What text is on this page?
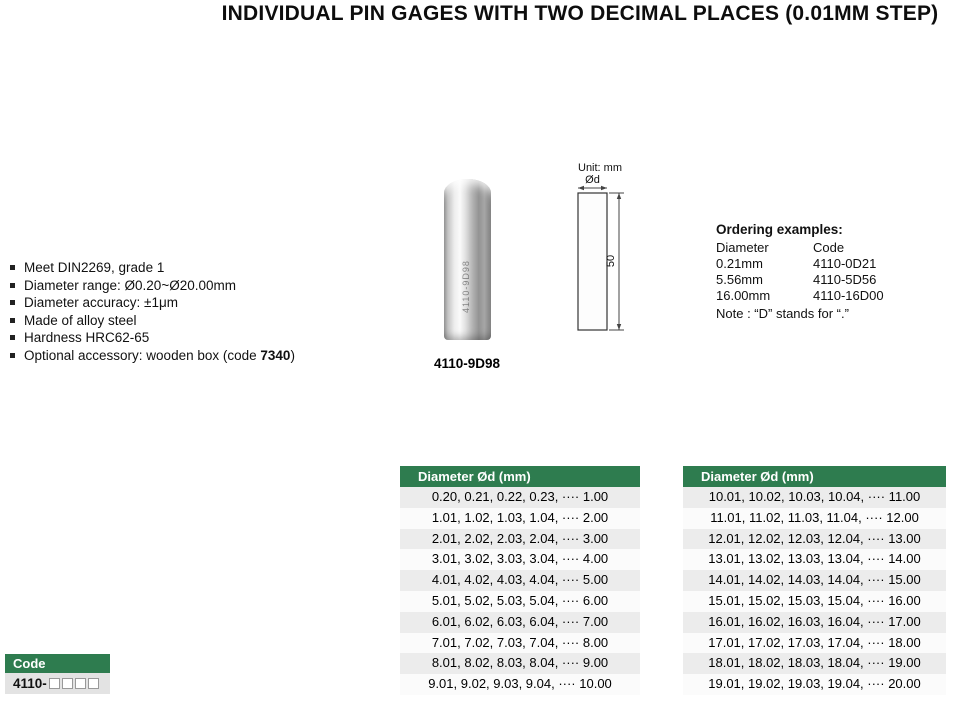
INDIVIDUAL PIN GAGES WITH TWO DECIMAL PLACES (0.01MM STEP)
Meet DIN2269, grade 1
Diameter range: Ø0.20~Ø20.00mm
Diameter accuracy: ±1μm
Made of alloy steel
Hardness HRC62-65
Optional accessory: wooden box (code 7340)
4110-9D98
4110-9D98
Unit: mm
Ød
50
Ordering examples:
Diameter	Code
0.21mm	4110-0D21
5.56mm	4110-5D56
16.00mm	4110-16D00
Note : “D” stands for “.”
Diameter Ød (mm)
0.20, 0.21, 0.22, 0.23, ···· 1.00
1.01, 1.02, 1.03, 1.04, ···· 2.00
2.01, 2.02, 2.03, 2.04, ···· 3.00
3.01, 3.02, 3.03, 3.04, ···· 4.00
4.01, 4.02, 4.03, 4.04, ···· 5.00
5.01, 5.02, 5.03, 5.04, ···· 6.00
6.01, 6.02, 6.03, 6.04, ···· 7.00
7.01, 7.02, 7.03, 7.04, ···· 8.00
8.01, 8.02, 8.03, 8.04, ···· 9.00
9.01, 9.02, 9.03, 9.04, ···· 10.00
Diameter Ød (mm)
10.01, 10.02, 10.03, 10.04, ···· 11.00
11.01, 11.02, 11.03, 11.04, ···· 12.00
12.01, 12.02, 12.03, 12.04, ···· 13.00
13.01, 13.02, 13.03, 13.04, ···· 14.00
14.01, 14.02, 14.03, 14.04, ···· 15.00
15.01, 15.02, 15.03, 15.04, ···· 16.00
16.01, 16.02, 16.03, 16.04, ···· 17.00
17.01, 17.02, 17.03, 17.04, ···· 18.00
18.01, 18.02, 18.03, 18.04, ···· 19.00
19.01, 19.02, 19.03, 19.04, ···· 20.00
Code
4110-
